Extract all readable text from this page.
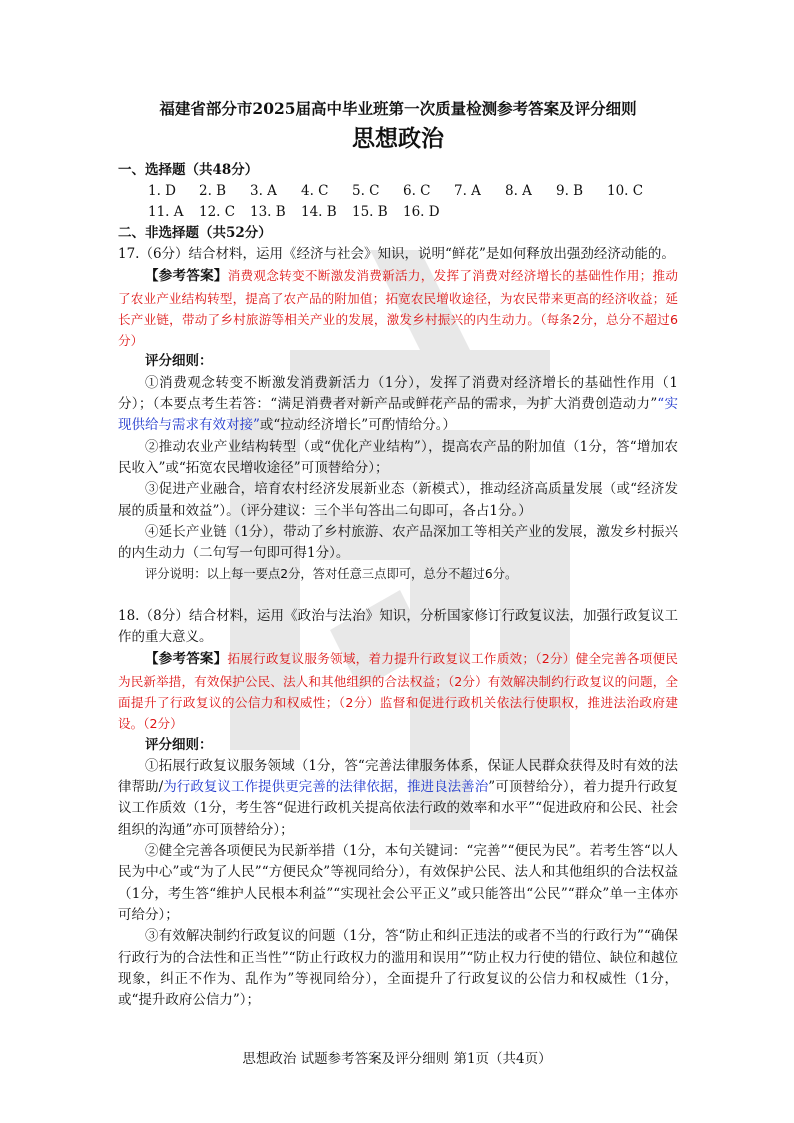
福建省部分市2025届高中毕业班第一次质量检测参考答案及评分细则
思想政治
一、选择题（共48分）
1. D	2. B	3. A	4. C	5. C	6. C	7. A	8. A	9. B	10. C
11. A	12. C	13. B	14. B	15. B	16. D
二、非选择题（共52分）

17.（6分）结合材料，运用《经济与社会》知识，说明“鲜花”是如何释放出强劲经济动能的。

【参考答案】消费观念转变不断激发消费新活力，发挥了消费对经济增长的基础性作用；推动了农业产业结构转型，提高了农产品的附加值；拓宽农民增收途径，为农民带来更高的经济收益；延长产业链，带动了乡村旅游等相关产业的发展，激发乡村振兴的内生动力。（每条2分，总分不超过6分）

评分细则：

①消费观念转变不断激发消费新活力（1分），发挥了消费对经济增长的基础性作用（1分）；（本要点考生若答：“满足消费者对新产品或鲜花产品的需求，为扩大消费创造动力”“实现供给与需求有效对接”或“拉动经济增长”可酌情给分。）

②推动农业产业结构转型（或“优化产业结构”），提高农产品的附加值（1分，答“增加农民收入”或“拓宽农民增收途径”可顶替给分）；

③促进产业融合，培育农村经济发展新业态（新模式），推动经济高质量发展（或“经济发展的质量和效益”）。（评分建议：三个半句答出二句即可，各占1分。）

④延长产业链（1分），带动了乡村旅游、农产品深加工等相关产业的发展，激发乡村振兴的内生动力（二句写一句即可得1分）。

评分说明：以上每一要点2分，答对任意三点即可，总分不超过6分。

18.（8分）结合材料，运用《政治与法治》知识，分析国家修订行政复议法，加强行政复议工作的重大意义。

【参考答案】拓展行政复议服务领域，着力提升行政复议工作质效；（2分）健全完善各项便民为民新举措，有效保护公民、法人和其他组织的合法权益；（2分）有效解决制约行政复议的问题，全面提升了行政复议的公信力和权威性；（2分）监督和促进行政机关依法行使职权，推进法治政府建设。（2分）

评分细则：

①拓展行政复议服务领域（1分，答“完善法律服务体系，保证人民群众获得及时有效的法律帮助/为行政复议工作提供更完善的法律依据，推进良法善治”可顶替给分），着力提升行政复议工作质效（1分，考生答“促进行政机关提高依法行政的效率和水平”“促进政府和公民、社会组织的沟通”亦可顶替给分）；

②健全完善各项便民为民新举措（1分，本句关键词：“完善”“便民为民”。若考生答“以人民为中心”或“为了人民”“方便民众”等视同给分），有效保护公民、法人和其他组织的合法权益（1分，考生答“维护人民根本利益”“实现社会公平正义”或只能答出“公民”“群众”单一主体亦可给分）；

③有效解决制约行政复议的问题（1分，答“防止和纠正违法的或者不当的行政行为”“确保行政行为的合法性和正当性”“防止行政权力的滥用和误用”“防止权力行使的错位、缺位和越位现象，纠正不作为、乱作为”等视同给分），全面提升了行政复议的公信力和权威性（1分，或“提升政府公信力”）；

思想政治 试题参考答案及评分细则 第1页（共4页）
